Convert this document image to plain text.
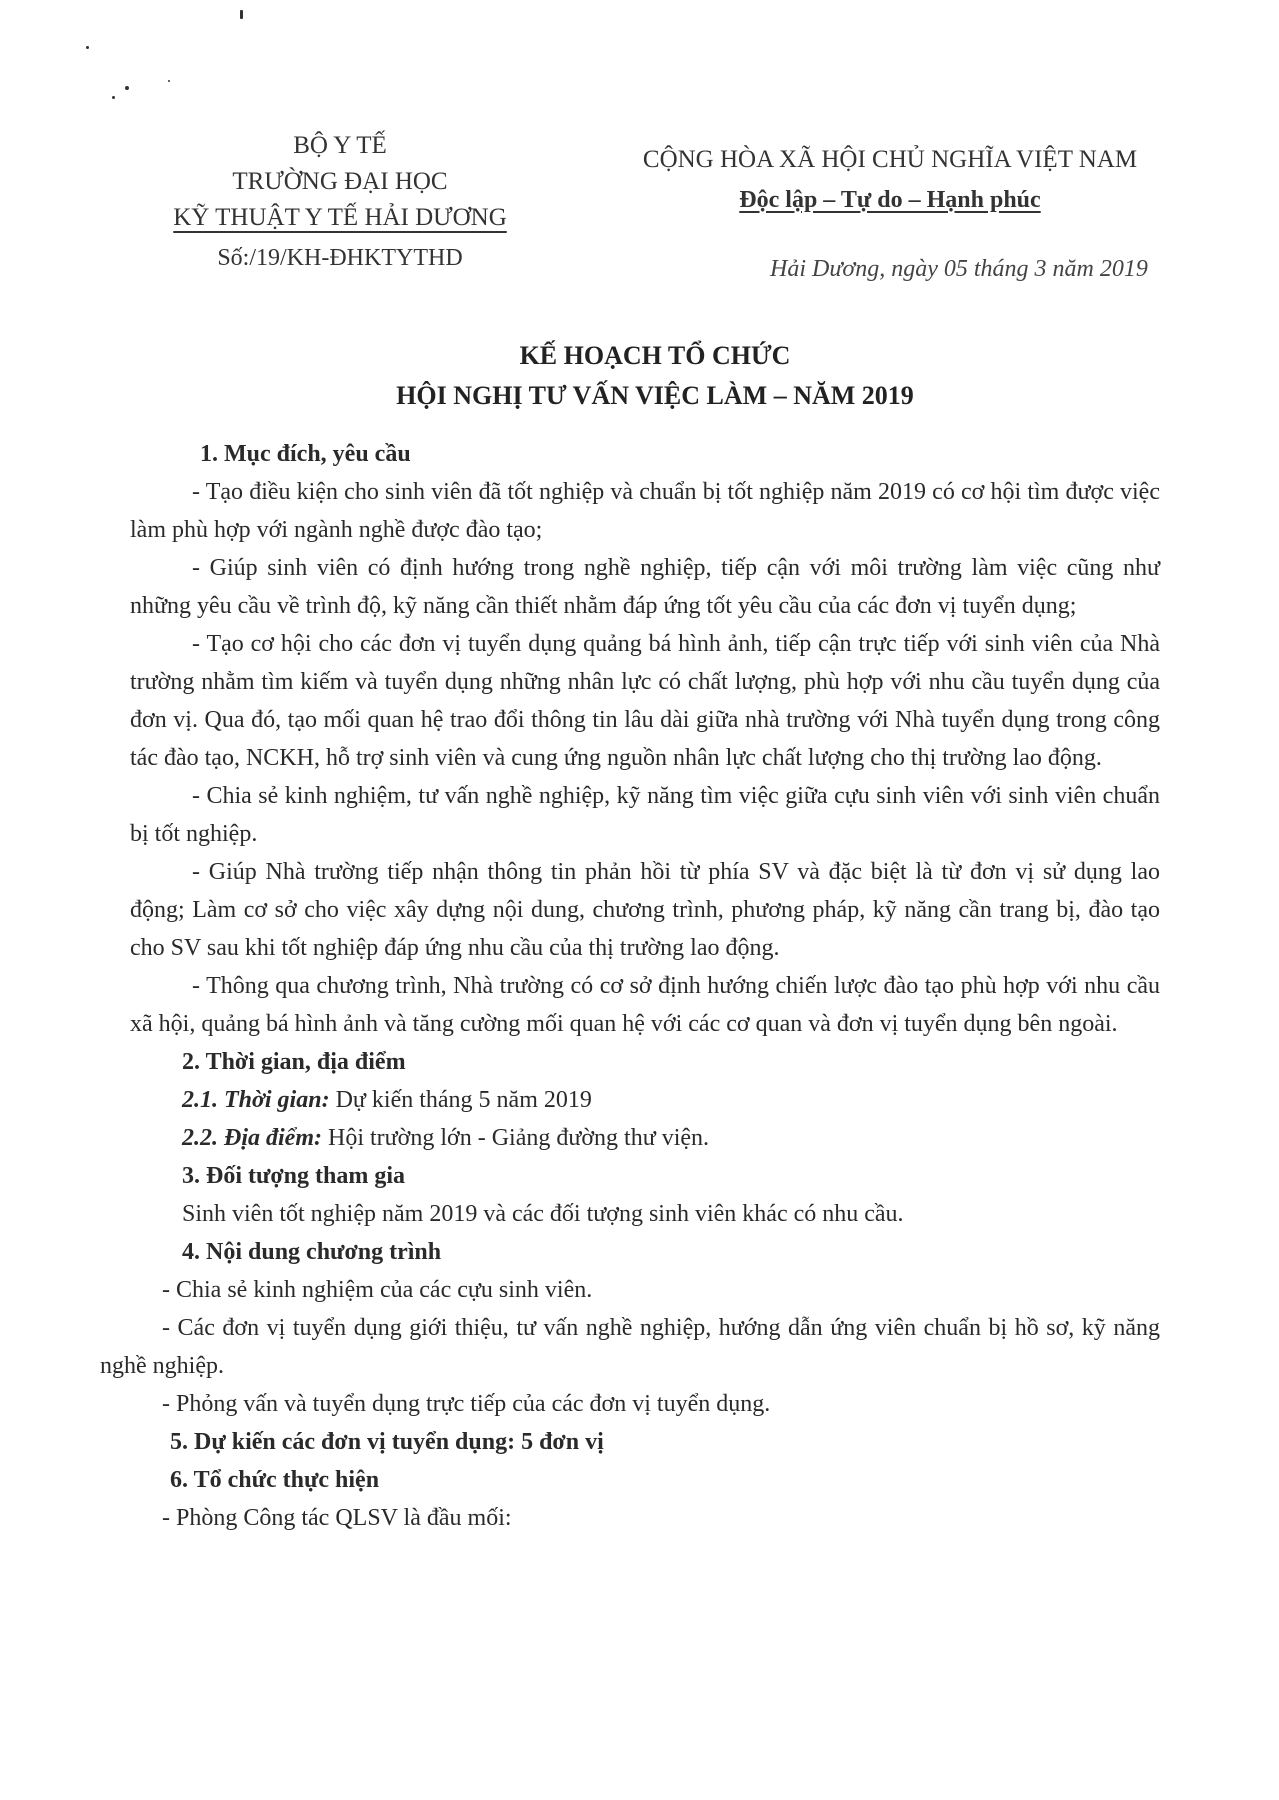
BỘ Y TẾ
TRƯỜNG ĐẠI HỌC
KỸ THUẬT Y TẾ HẢI DƯƠNG
Số:/19/KH-ĐHKTYTHD
CỘNG HÒA XÃ HỘI CHỦ NGHĨA VIỆT NAM
Độc lập – Tự do – Hạnh phúc
Hải Dương, ngày 05 tháng 3 năm 2019
KẾ HOẠCH TỔ CHỨC
HỘI NGHỊ TƯ VẤN VIỆC LÀM – NĂM 2019

1. Mục đích, yêu cầu

- Tạo điều kiện cho sinh viên đã tốt nghiệp và chuẩn bị tốt nghiệp năm 2019 có cơ hội tìm được việc làm phù hợp với ngành nghề được đào tạo;

- Giúp sinh viên có định hướng trong nghề nghiệp, tiếp cận với môi trường làm việc cũng như những yêu cầu về trình độ, kỹ năng cần thiết nhằm đáp ứng tốt yêu cầu của các đơn vị tuyển dụng;

- Tạo cơ hội cho các đơn vị tuyển dụng quảng bá hình ảnh, tiếp cận trực tiếp với sinh viên của Nhà trường nhằm tìm kiếm và tuyển dụng những nhân lực có chất lượng, phù hợp với nhu cầu tuyển dụng của đơn vị. Qua đó, tạo mối quan hệ trao đổi thông tin lâu dài giữa nhà trường với Nhà tuyển dụng trong công tác đào tạo, NCKH, hỗ trợ sinh viên và cung ứng nguồn nhân lực chất lượng cho thị trường lao động.

- Chia sẻ kinh nghiệm, tư vấn nghề nghiệp, kỹ năng tìm việc giữa cựu sinh viên với sinh viên chuẩn bị tốt nghiệp.

- Giúp Nhà trường tiếp nhận thông tin phản hồi từ phía SV và đặc biệt là từ đơn vị sử dụng lao động; Làm cơ sở cho việc xây dựng nội dung, chương trình, phương pháp, kỹ năng cần trang bị, đào tạo cho SV sau khi tốt nghiệp đáp ứng nhu cầu của thị trường lao động.

- Thông qua chương trình, Nhà trường có cơ sở định hướng chiến lược đào tạo phù hợp với nhu cầu xã hội, quảng bá hình ảnh và tăng cường mối quan hệ với các cơ quan và đơn vị tuyển dụng bên ngoài.

2. Thời gian, địa điểm

2.1. Thời gian: Dự kiến tháng 5 năm 2019

2.2. Địa điểm: Hội trường lớn - Giảng đường thư viện.

3. Đối tượng tham gia

Sinh viên tốt nghiệp năm 2019 và các đối tượng sinh viên khác có nhu cầu.

4. Nội dung chương trình

- Chia sẻ kinh nghiệm của các cựu sinh viên.

- Các đơn vị tuyển dụng giới thiệu, tư vấn nghề nghiệp, hướng dẫn ứng viên chuẩn bị hồ sơ, kỹ năng nghề nghiệp.

- Phỏng vấn và tuyển dụng trực tiếp của các đơn vị tuyển dụng.

5. Dự kiến các đơn vị tuyển dụng: 5 đơn vị

6. Tổ chức thực hiện

- Phòng Công tác QLSV là đầu mối:
